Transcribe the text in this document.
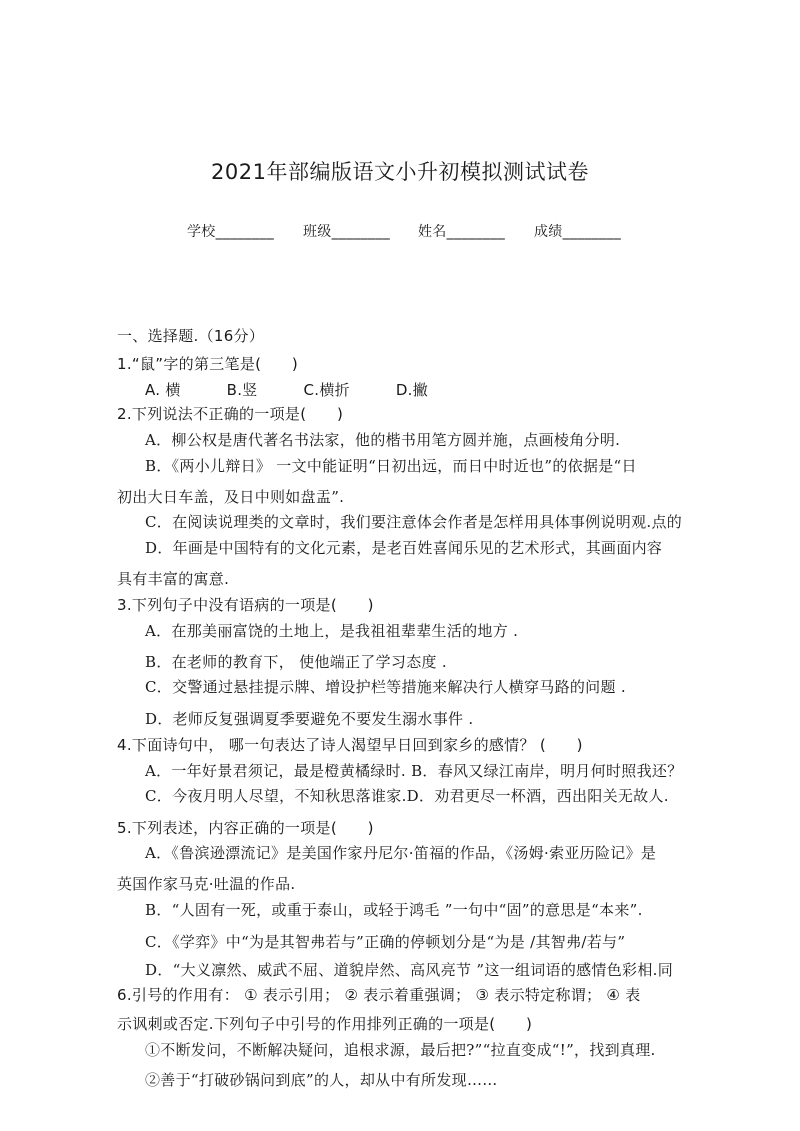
2021年部编版语文小升初模拟测试试卷
学校________ 班级________ 姓名________ 成绩________
一、选择题.（16分）
1.“鼠”字的第三笔是(　　)
A. 横　　　B.竖　　　C.横折　　　D.撇
2.下列说法不正确的一项是(　　)
A．柳公权是唐代著名书法家，他的楷书用笔方圆并施，点画棱角分明.
B．《两小儿辩日》 一文中能证明“日初出远，而日中时近也”的依据是“日
初出大日车盖，及日中则如盘盂”.
C．在阅读说理类的文章时，我们要注意体会作者是怎样用具体事例说明观.点的
D．年画是中国特有的文化元素，是老百姓喜闻乐见的艺术形式，其画面内容
具有丰富的寓意.
3.下列句子中没有语病的一项是(　　)
A．在那美丽富饶的土地上，是我祖祖辈辈生活的地方 .
B．在老师的教育下， 使他端正了学习态度 .
C．交警通过悬挂提示牌、增设护栏等措施来解决行人横穿马路的问题 .
D．老师反复强调夏季要避免不要发生溺水事件 .
4.下面诗句中， 哪一句表达了诗人渴望早日回到家乡的感情？ (　　)
A．一年好景君须记，最是橙黄橘绿时. B．春风又绿江南岸，明月何时照我还？
C．今夜月明人尽望，不知秋思落谁家.D．劝君更尽一杯酒，西出阳关无故人.
5.下列表述，内容正确的一项是(　　)
A．《鲁滨逊漂流记》是美国作家丹尼尔·笛福的作品，《汤姆·索亚历险记》是
英国作家马克·吐温的作品.
B．“人固有一死，或重于泰山，或轻于鸿毛 ”一句中“固”的意思是“本来”.
C．《学弈》中“为是其智弗若与”正确的停顿划分是“为是 /其智弗/若与”
D．“大义凛然、威武不屈、道貌岸然、高风亮节 ”这一组词语的感情色彩相.同
6.引号的作用有： ① 表示引用； ② 表示着重强调； ③ 表示特定称谓； ④ 表
示讽刺或否定.下列句子中引号的作用排列正确的一项是(　　)
①不断发问，不断解决疑问，追根求源，最后把?”“拉直变成“!”，找到真理.
②善于“打破砂锅问到底”的人，却从中有所发现……
